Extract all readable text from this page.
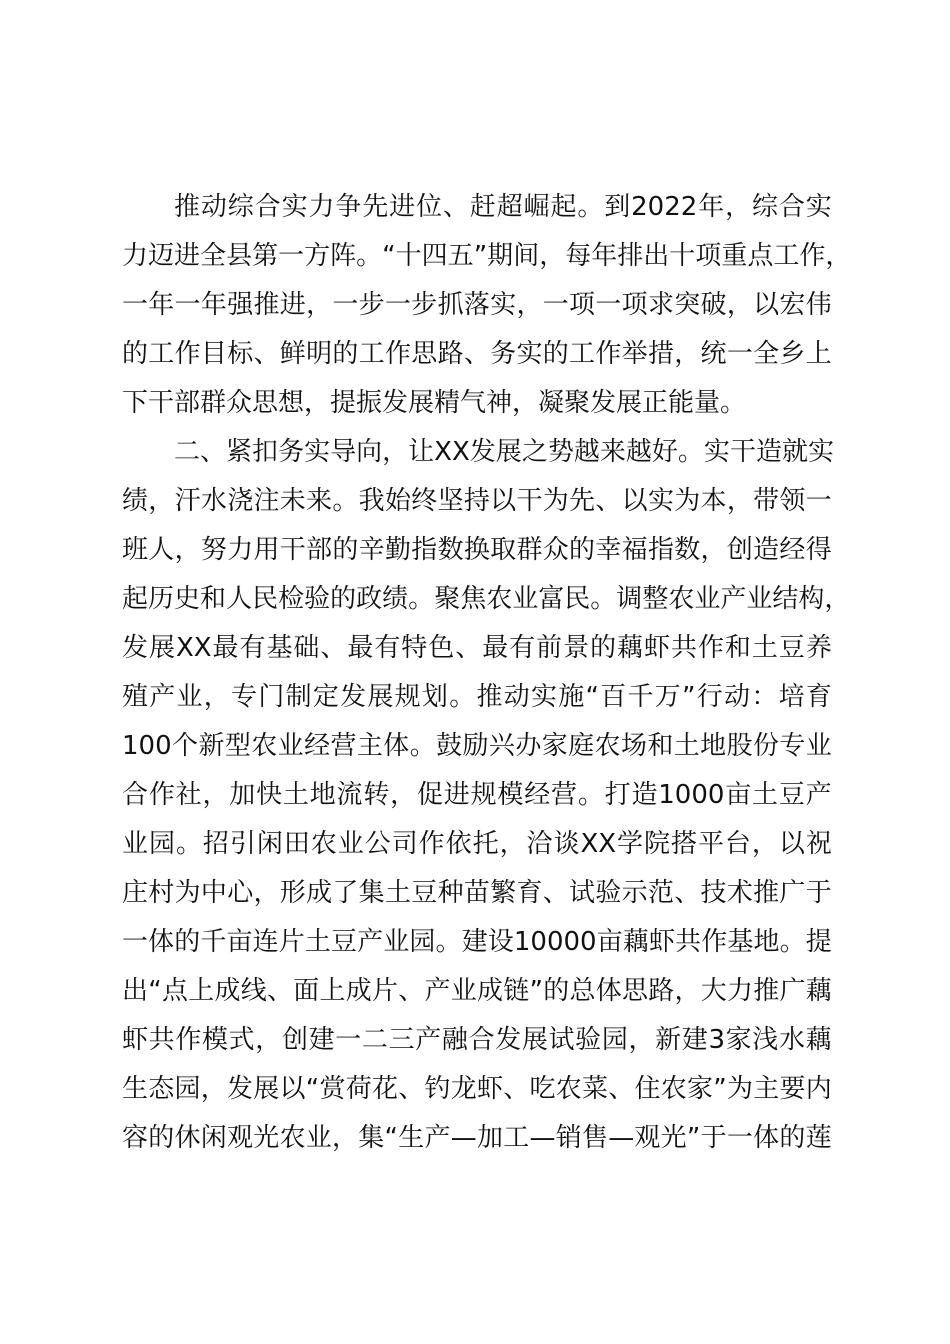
推 动 综 合 实 力 争 先 进 位 、 赶 超 崛 起 。 到 2022 年 ， 综 合 实
力 迈 进 全 县 第 一 方 阵 。 “ 十 四 五 ” 期 间 ， 每 年 排 出 十 项 重 点 工 作 ，
一 年 一 年 强 推 进 ， 一 步 一 步 抓 落 实 ， 一 项 一 项 求 突 破 ， 以 宏 伟
的 工 作 目 标 、 鲜 明 的 工 作 思 路 、 务 实 的 工 作 举 措 ， 统 一 全 乡 上
下干部群众思想，提振发展精气神，凝聚发展正能量。
二 、 紧 扣 务 实 导 向 ， 让 XX 发 展 之 势 越 来 越 好 。 实 干 造 就 实
绩 ， 汗 水 浇 注 未 来 。 我 始 终 坚 持 以 干 为 先 、 以 实 为 本 ， 带 领 一
班 人 ， 努 力 用 干 部 的 辛 勤 指 数 换 取 群 众 的 幸 福 指 数 ， 创 造 经 得
起 历 史 和 人 民 检 验 的 政 绩 。 聚 焦 农 业 富 民 。 调 整 农 业 产 业 结 构 ，
发 展 XX 最 有 基 础 、 最 有 特 色 、 最 有 前 景 的 藕 虾 共 作 和 土 豆 养
殖 产 业 ， 专 门 制 定 发 展 规 划 。 推 动 实 施 “ 百 千 万 ” 行 动 ： 培 育
100 个 新 型 农 业 经 营 主 体 。 鼓 励 兴 办 家 庭 农 场 和 土 地 股 份 专 业
合 作 社 ， 加 快 土 地 流 转 ， 促 进 规 模 经 营 。 打 造 1000 亩 土 豆 产
业 园 。 招 引 闲 田 农 业 公 司 作 依 托 ， 洽 谈 XX 学 院 搭 平 台 ， 以 祝
庄 村 为 中 心 ， 形 成 了 集 土 豆 种 苗 繁 育 、 试 验 示 范 、 技 术 推 广 于
一 体 的 千 亩 连 片 土 豆 产 业 园 。 建 设 10000 亩 藕 虾 共 作 基 地 。 提
出 “ 点 上 成 线 、 面 上 成 片 、 产 业 成 链 ” 的 总 体 思 路 ， 大 力 推 广 藕
虾 共 作 模 式 ， 创 建 一 二 三 产 融 合 发 展 试 验 园 ， 新 建 3 家 浅 水 藕
生 态 园 ， 发 展 以 “ 赏 荷 花 、 钓 龙 虾 、 吃 农 菜 、 住 农 家 ” 为 主 要 内
容 的 休 闲 观 光 农 业 ， 集 “ 生 产 — 加 工 — 销 售 — 观 光 ” 于 一 体 的 莲
